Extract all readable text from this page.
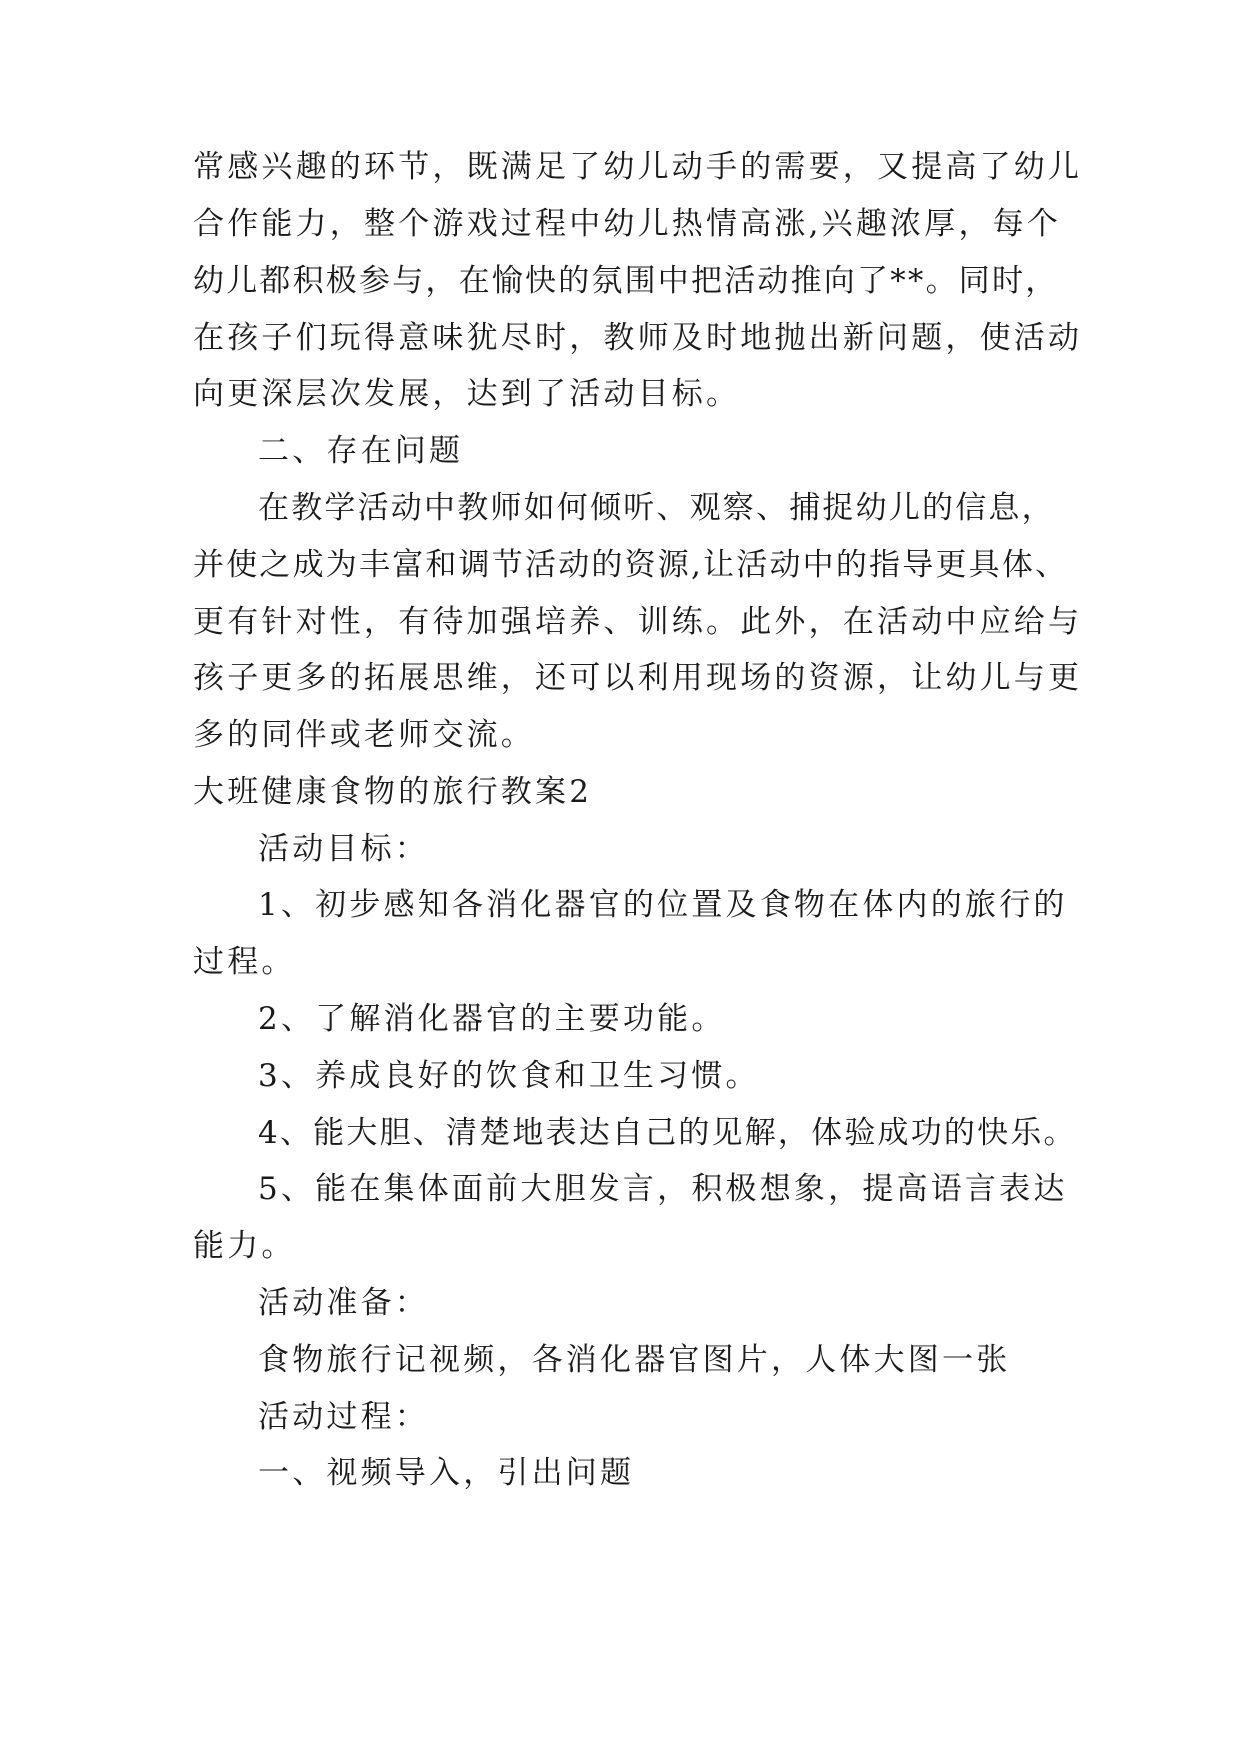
常感兴趣的环节，既满足了幼儿动手的需要，又提高了幼儿
合作能力，整个游戏过程中幼儿热情高涨,兴趣浓厚，每个
幼儿都积极参与，在愉快的氛围中把活动推向了**。同时，
在孩子们玩得意味犹尽时，教师及时地抛出新问题，使活动
向更深层次发展，达到了活动目标。
二、存在问题
在教学活动中教师如何倾听、观察、捕捉幼儿的信息，
并使之成为丰富和调节活动的资源,让活动中的指导更具体、
更有针对性，有待加强培养、训练。此外，在活动中应给与
孩子更多的拓展思维，还可以利用现场的资源，让幼儿与更
多的同伴或老师交流。
大班健康食物的旅行教案2
活动目标：
1、初步感知各消化器官的位置及食物在体内的旅行的
过程。
2、了解消化器官的主要功能。
3、养成良好的饮食和卫生习惯。
4、能大胆、清楚地表达自己的见解，体验成功的快乐。
5、能在集体面前大胆发言，积极想象，提高语言表达
能力。
活动准备：
食物旅行记视频，各消化器官图片，人体大图一张
活动过程：
一、视频导入，引出问题
